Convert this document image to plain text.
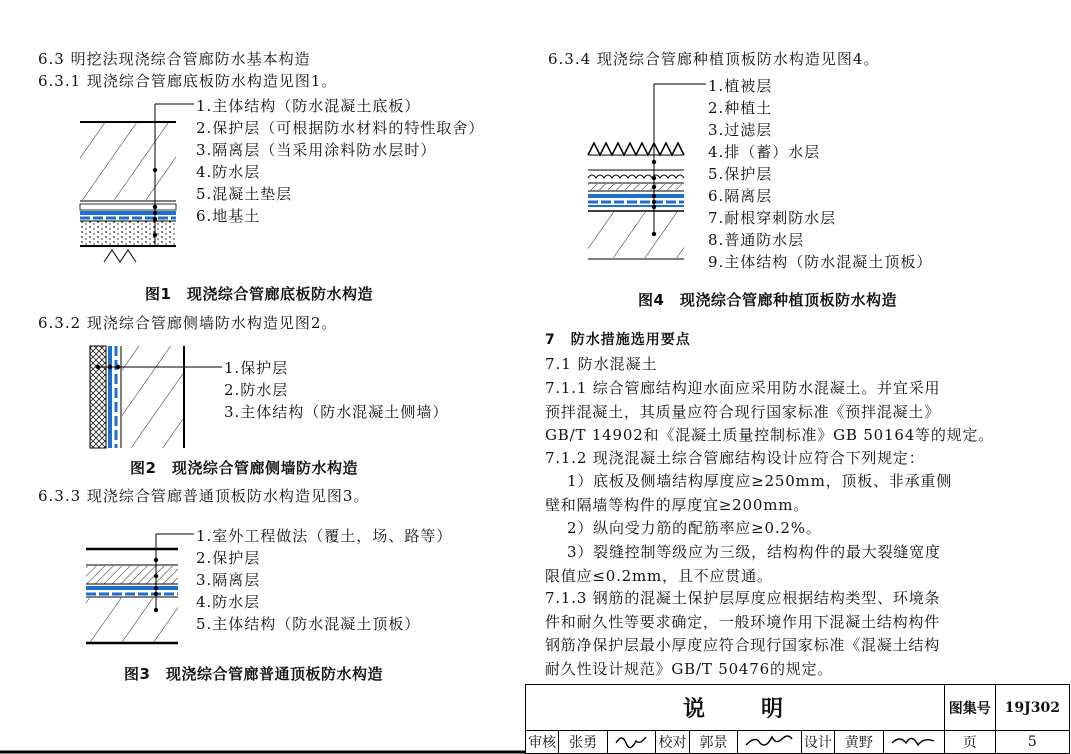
6.3 明挖法现浇综合管廊防水基本构造
6.3.1 现浇综合管廊底板防水构造见图1。
1.主体结构（防水混凝土底板）
2.保护层（可根据防水材料的特性取舍）
3.隔离层（当采用涂料防水层时）
4.防水层
5.混凝土垫层
6.地基土
图1　现浇综合管廊底板防水构造
6.3.2 现浇综合管廊侧墙防水构造见图2。
1.保护层
2.防水层
3.主体结构（防水混凝土侧墙）
图2　现浇综合管廊侧墙防水构造
6.3.3 现浇综合管廊普通顶板防水构造见图3。
1.室外工程做法（覆土，场、路等）
2.保护层
3.隔离层
4.防水层
5.主体结构（防水混凝土顶板）
图3　现浇综合管廊普通顶板防水构造
6.3.4 现浇综合管廊种植顶板防水构造见图4。
1.植被层
2.种植土
3.过滤层
4.排（蓄）水层
5.保护层
6.隔离层
7.耐根穿刺防水层
8.普通防水层
9.主体结构（防水混凝土顶板）
图4　现浇综合管廊种植顶板防水构造
7　防水措施选用要点
7.1 防水混凝土
7.1.1 综合管廊结构迎水面应采用防水混凝土。并宜采用
预拌混凝土，其质量应符合现行国家标准《预拌混凝土》
GB/T 14902和《混凝土质量控制标准》GB 50164等的规定。
7.1.2 现浇混凝土综合管廊结构设计应符合下列规定：
1）底板及侧墙结构厚度应≥250mm，顶板、非承重侧
壁和隔墙等构件的厚度宜≥200mm。
2）纵向受力筋的配筋率应≥0.2%。
3）裂缝控制等级应为三级，结构构件的最大裂缝宽度
限值应≤0.2mm，且不应贯通。
7.1.3 钢筋的混凝土保护层厚度应根据结构类型、环境条
件和耐久性等要求确定，一般环境作用下混凝土结构构件
钢筋净保护层最小厚度应符合现行国家标准《混凝土结构
耐久性设计规范》GB/T 50476的规定。
说　　明									图集号	19J302
审核	张勇		校对	郭景		设计	黄野		页	5
